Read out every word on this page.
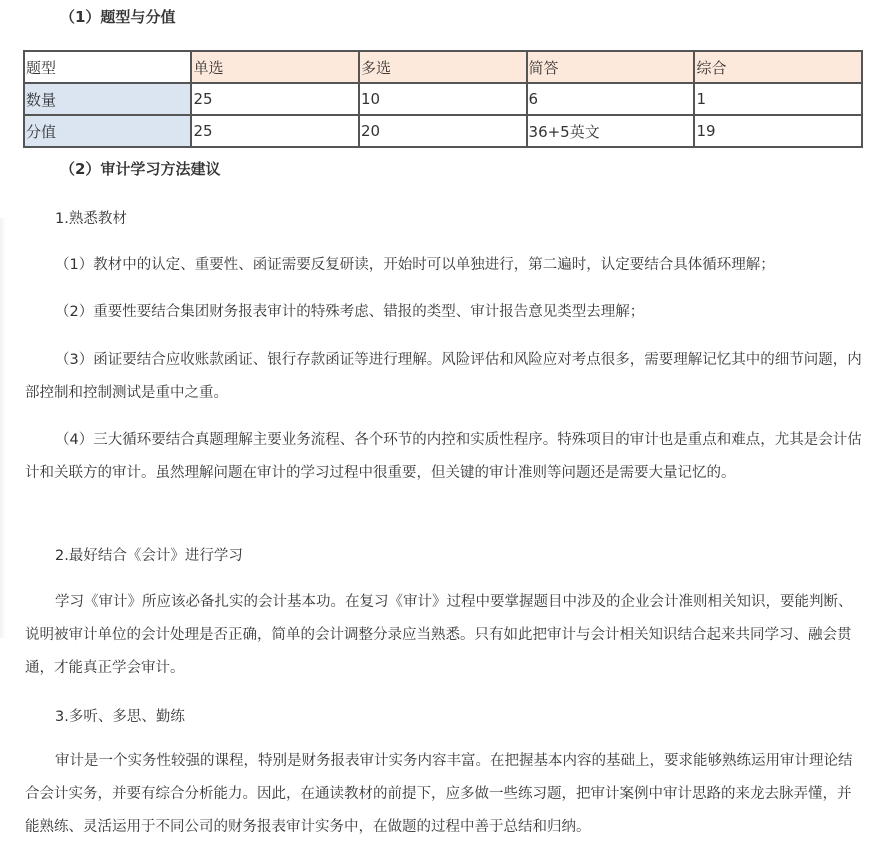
（1）题型与分值
题型	单选	多选	简答	综合
数量	25	10	6	1
分值	25	20	36+5英文	19
（2）审计学习方法建议
1.熟悉教材
（1）教材中的认定、重要性、函证需要反复研读，开始时可以单独进行，第二遍时，认定要结合具体循环理解；
（2）重要性要结合集团财务报表审计的特殊考虑、错报的类型、审计报告意见类型去理解；
（3）函证要结合应收账款函证、银行存款函证等进行理解。风险评估和风险应对考点很多，需要理解记忆其中的细节问题，内部控制和控制测试是重中之重。
（4）三大循环要结合真题理解主要业务流程、各个环节的内控和实质性程序。特殊项目的审计也是重点和难点，尤其是会计估计和关联方的审计。虽然理解问题在审计的学习过程中很重要，但关键的审计准则等问题还是需要大量记忆的。
2.最好结合《会计》进行学习
学习《审计》所应该必备扎实的会计基本功。在复习《审计》过程中要掌握题目中涉及的企业会计准则相关知识，要能判断、说明被审计单位的会计处理是否正确，简单的会计调整分录应当熟悉。只有如此把审计与会计相关知识结合起来共同学习、融会贯通，才能真正学会审计。
3.多听、多思、勤练
审计是一个实务性较强的课程，特别是财务报表审计实务内容丰富。在把握基本内容的基础上，要求能够熟练运用审计理论结合会计实务，并要有综合分析能力。因此，在通读教材的前提下，应多做一些练习题，把审计案例中审计思路的来龙去脉弄懂，并能熟练、灵活运用于不同公司的财务报表审计实务中，在做题的过程中善于总结和归纳。
